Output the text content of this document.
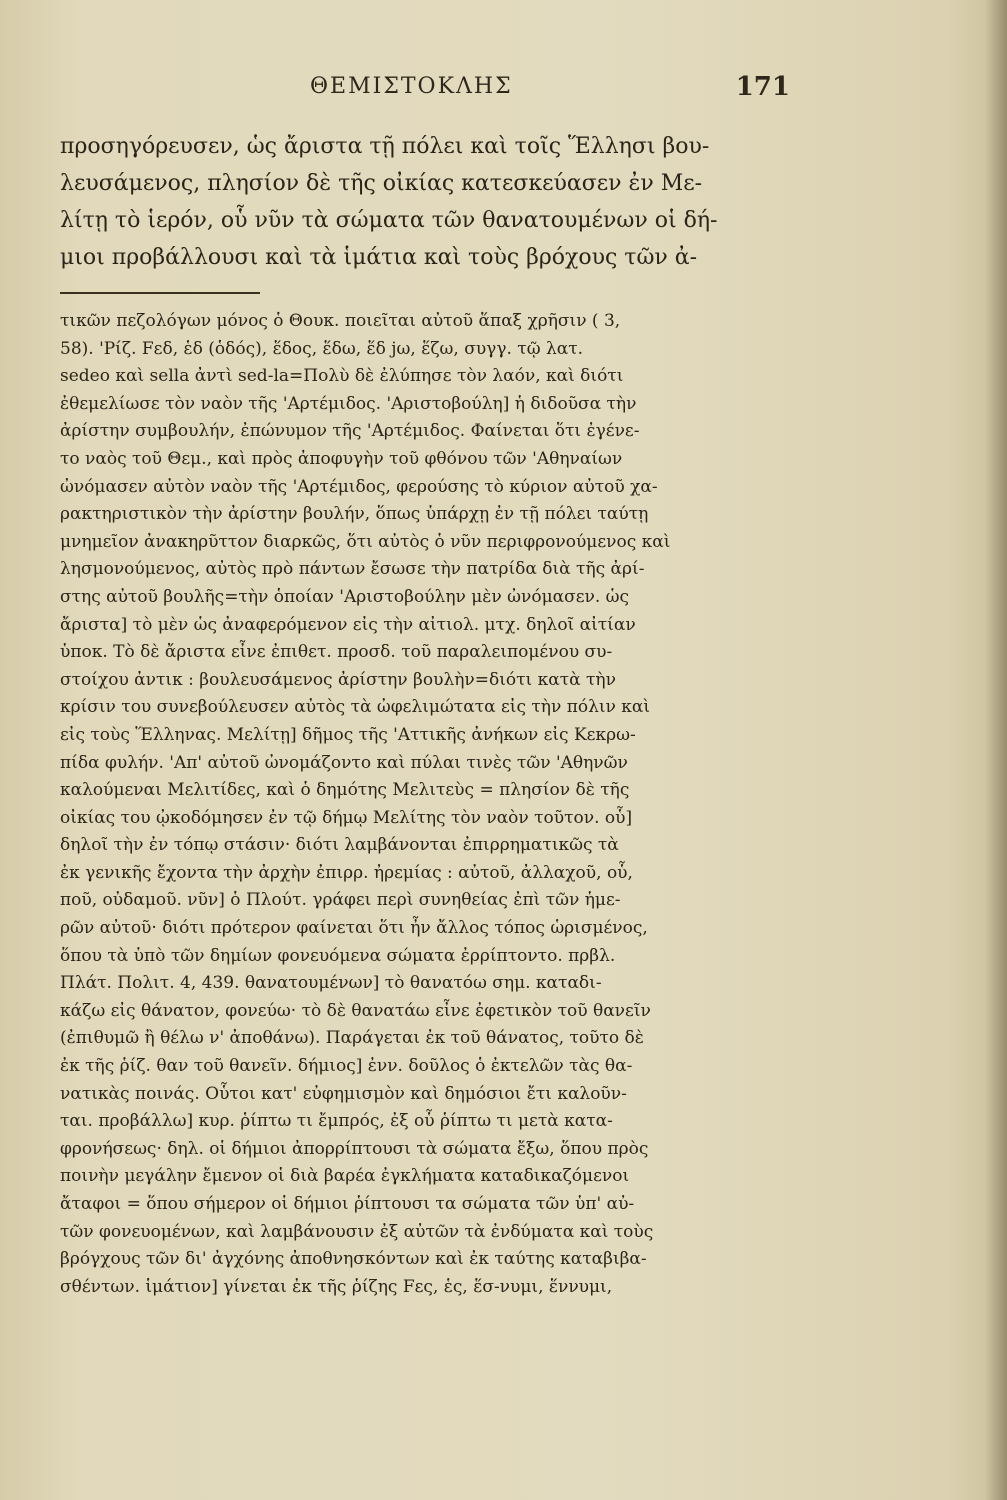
ΘΕΜΙΣΤΟΚΛΗΣ	171
προσηγόρευσεν, ὡς ἄριστα τῇ πόλει καὶ τοῖς Ἕλλησι βου-
λευσάμενος, πλησίον δὲ τῆς οἰκίας κατεσκεύασεν ἐν Με-
λίτῃ τὸ ἱερόν, οὗ νῦν τὰ σώματα τῶν θανατουμένων οἱ δή-
μιοι προβάλλουσι καὶ τὰ ἱμάτια καὶ τοὺς βρόχους τῶν ἀ-
τικῶν πεζολόγων μόνος ὁ Θουκ. ποιεῖται αὐτοῦ ἅπαξ χρῆσιν ( 3,
58). 'Ρίζ. Fεδ, ἑδ (ὁδός), ἕδος, ἕδω, ἕδ jω, ἕζω, συγγ. τῷ λατ.
sedeo καὶ sella ἀντὶ sed-la=Πολὺ δὲ ἐλύπησε τὸν λαόν, καὶ διότι
ἐθεμελίωσε τὸν ναὸν τῆς 'Αρτέμιδος. 'Αριστοβούλη] ἡ διδοῦσα τὴν
ἀρίστην συμβουλήν, ἐπώνυμον τῆς 'Αρτέμιδος. Φαίνεται ὅτι ἐγένε-
το ναὸς τοῦ Θεμ., καὶ πρὸς ἀποφυγὴν τοῦ φθόνου τῶν 'Αθηναίων
ὠνόμασεν αὐτὸν ναὸν τῆς 'Αρτέμιδος, φερούσης τὸ κύριον αὐτοῦ χα-
ρακτηριστικὸν τὴν ἀρίστην βουλήν, ὅπως ὑπάρχῃ ἐν τῇ πόλει ταύτῃ
μνημεῖον ἀνακηρῦττον διαρκῶς, ὅτι αὐτὸς ὁ νῦν περιφρονούμενος καὶ
λησμονούμενος, αὐτὸς πρὸ πάντων ἔσωσε τὴν πατρίδα διὰ τῆς ἀρί-
στης αὐτοῦ βουλῆς=τὴν ὁποίαν 'Αριστοβούλην μὲν ὠνόμασεν. ὡς
ἄριστα] τὸ μὲν ὡς ἀναφερόμενον εἰς τὴν αἰτιολ. μτχ. δηλοῖ αἰτίαν
ὑποκ. Τὸ δὲ ἄριστα εἶνε ἐπιθετ. προσδ. τοῦ παραλειπομένου συ-
στοίχου ἀντικ : βουλευσάμενος ἀρίστην βουλὴν=διότι κατὰ τὴν
κρίσιν του συνεβούλευσεν αὐτὸς τὰ ὠφελιμώτατα εἰς τὴν πόλιν καὶ
εἰς τοὺς Ἕλληνας. Μελίτῃ] δῆμος τῆς 'Αττικῆς ἀνήκων εἰς Κεκρω-
πίδα φυλήν. 'Απ' αὐτοῦ ὠνομάζοντο καὶ πύλαι τινὲς τῶν 'Αθηνῶν
καλούμεναι Μελιτίδες, καὶ ὁ δημότης Μελιτεὺς = πλησίον δὲ τῆς
οἰκίας του ᾠκοδόμησεν ἐν τῷ δήμῳ Μελίτης τὸν ναὸν τοῦτον. οὗ]
δηλοῖ τὴν ἐν τόπῳ στάσιν· διότι λαμβάνονται ἐπιρρηματικῶς τὰ
ἐκ γενικῆς ἔχοντα τὴν ἀρχὴν ἐπιρρ. ἠρεμίας : αὐτοῦ, ἀλλαχοῦ, οὗ,
ποῦ, οὐδαμοῦ. νῦν] ὁ Πλούτ. γράφει περὶ συνηθείας ἐπὶ τῶν ἡμε-
ρῶν αὐτοῦ· διότι πρότερον φαίνεται ὅτι ἦν ἄλλος τόπος ὡρισμένος,
ὅπου τὰ ὑπὸ τῶν δημίων φονευόμενα σώματα ἐρρίπτοντο. πρβλ.
Πλάτ. Πολιτ. 4, 439. θανατουμένων] τὸ θανατόω σημ. καταδι-
κάζω εἰς θάνατον, φονεύω· τὸ δὲ θανατάω εἶνε ἐφετικὸν τοῦ θανεῖν
(ἐπιθυμῶ ἢ θέλω ν' ἀποθάνω). Παράγεται ἐκ τοῦ θάνατος, τοῦτο δὲ
ἐκ τῆς ῥίζ. θαν τοῦ θανεῖν. δήμιος] ἐνν. δοῦλος ὁ ἐκτελῶν τὰς θα-
νατικὰς ποινάς. Οὗτοι κατ' εὐφημισμὸν καὶ δημόσιοι ἔτι καλοῦν-
ται. προβάλλω] κυρ. ῥίπτω τι ἔμπρός, ἐξ οὗ ῥίπτω τι μετὰ κατα-
φρονήσεως· δηλ. οἱ δήμιοι ἀπορρίπτουσι τὰ σώματα ἔξω, ὅπου πρὸς
ποινὴν μεγάλην ἔμενον οἱ διὰ βαρέα ἐγκλήματα καταδικαζόμενοι
ἄταφοι = ὅπου σήμερον οἱ δήμιοι ῥίπτουσι τα σώματα τῶν ὑπ' αὐ-
τῶν φονευομένων, καὶ λαμβάνουσιν ἐξ αὐτῶν τὰ ἐνδύματα καὶ τοὺς
βρόγχους τῶν δι' ἀγχόνης ἀποθνησκόντων καὶ ἐκ ταύτης καταβιβα-
σθέντων. ἱμάτιον] γίνεται ἐκ τῆς ῥίζης Fες, ἑς, ἕσ-νυμι, ἕννυμι,
